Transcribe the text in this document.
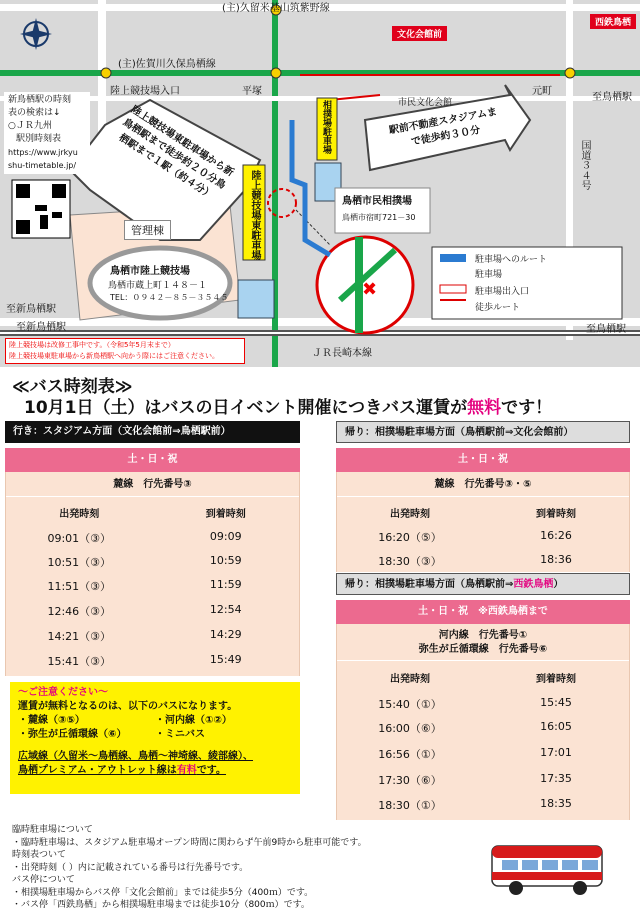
✖
(主)久留米基山筑紫野線
(主)佐賀川久保鳥栖線
国道３４号
ＪＲ長崎本線
至新鳥栖駅
至鳥栖駅
至新鳥栖駅	至鳥栖駅
陸上競技場入口	平塚	元町
市民文化会館
文化会館前
西鉄鳥栖
鳥栖市陸上競技場
鳥栖市蔵上町１４８－１
TEL：０９４２－８５－３５４５
管理棟
鳥栖市民相撲場
鳥栖市宿町721－30
陸上競技場東駐車場
相撲場駐車場
陸上競技場東駐車場から新鳥栖駅まで徒歩約２０分鳥栖駅まで１駅（約４分）
駅前不動産スタジアムまで徒歩約３０分
新鳥栖駅の時刻
表の検索は↓
○ＪＲ九州
駅別時刻表
https://www.jrkyu
shu-timetable.jp/
駐車場へのルート
駐車場
駐車場出入口
徒歩ルート
陸上競技場は改修工事中です。（令和5年5月末まで）
陸上競技場東駐車場から新鳥栖駅へ向かう際にはご注意ください。
≪バス時刻表≫
10月1日（土）はバスの日イベント開催につきバス運賃が無料です！
行き：スタジアム方面（文化会館前⇒鳥栖駅前）
土・日・祝
麓線　行先番号③
出発時刻	到着時刻
09:01（③）	09:09
10:51（③）	10:59
11:51（③）	11:59
12:46（③）	12:54
14:21（③）	14:29
15:41（③）	15:49
帰り：相撲場駐車場方面（鳥栖駅前⇒文化会館前）
土・日・祝
麓線　行先番号③・⑤
出発時刻	到着時刻
16:20（⑤）	16:26
18:30（③）	18:36
帰り：相撲場駐車場方面（鳥栖駅前⇒西鉄鳥栖）
土・日・祝　※西鉄鳥栖まで
河内線　行先番号①
弥生が丘循環線　行先番号⑥
出発時刻	到着時刻
15:40（①）	15:45
16:00（⑥）	16:05
16:56（①）	17:01
17:30（⑥）	17:35
18:30（①）	18:35
～ご注意ください～
運賃が無料となるのは、以下のバスになります。
・麓線（③⑤）	・河内線（①②）
・弥生が丘循環線（⑥）	・ミニバス
広域線（久留米～鳥栖線、鳥栖～神埼線、綾部線）、
鳥栖プレミアム・アウトレット線は有料です。
臨時駐車場について
・臨時駐車場は、スタジアム駐車場オープン時間に関わらず午前9時から駐車可能です。
時刻表ついて
・出発時刻（ ）内に記載されている番号は行先番号です。
バス停について
・相撲場駐車場からバス停「文化会館前」までは徒歩5分（400ｍ）です。
・バス停「西鉄鳥栖」から相撲場駐車場までは徒歩10分（800ｍ）です。
